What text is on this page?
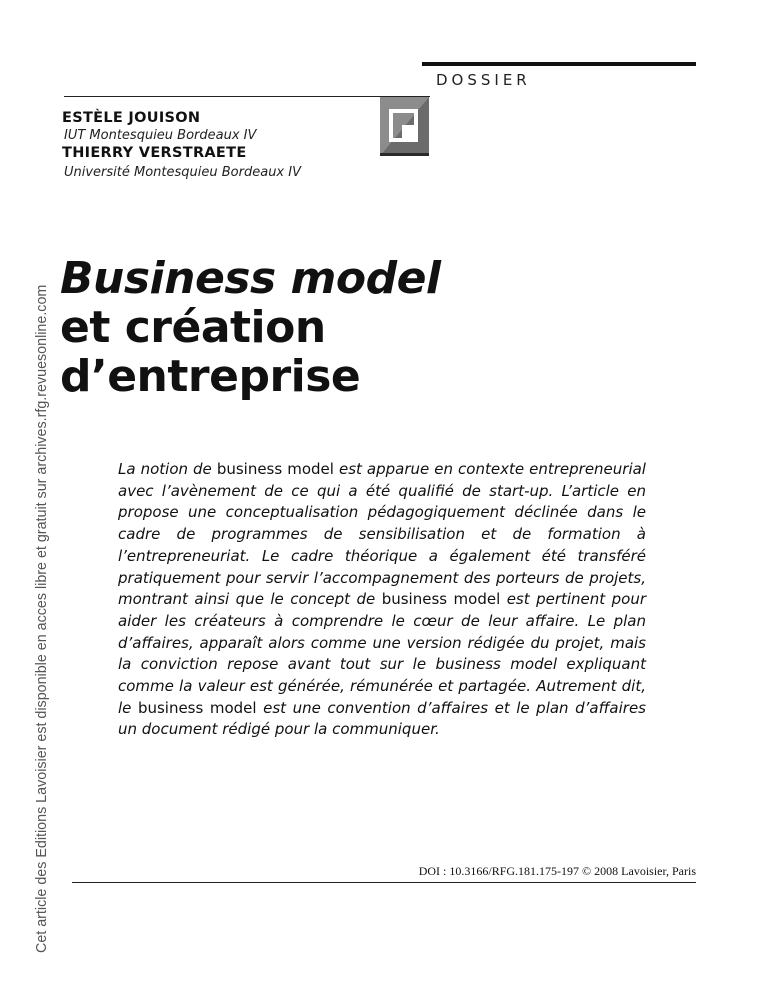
Cet article des Editions Lavoisier est disponible en acces libre et gratuit sur archives.rfg.revuesonline.com
DOSSIER
ESTÈLE JOUISON
IUT Montesquieu Bordeaux IV
THIERRY VERSTRAETE
Université Montesquieu Bordeaux IV
Business model
et création
d’entreprise

La notion de business model est apparue en contexte entrepreneurial avec l’avènement de ce qui a été qualifié de start-up. L’article en propose une conceptualisation pédagogiquement déclinée dans le cadre de programmes de sensibilisation et de formation à l’entrepreneuriat. Le cadre théorique a également été transféré pratiquement pour servir l’accompagnement des porteurs de projets, montrant ainsi que le concept de business model est pertinent pour aider les créateurs à comprendre le cœur de leur affaire. Le plan d’affaires, apparaît alors comme une version rédigée du projet, mais la conviction repose avant tout sur le business model expliquant comme la valeur est générée, rémunérée et partagée. Autrement dit, le business model est une convention d’affaires et le plan d’affaires un document rédigé pour la communiquer.

DOI : 10.3166/RFG.181.175-197 © 2008 Lavoisier, Paris
